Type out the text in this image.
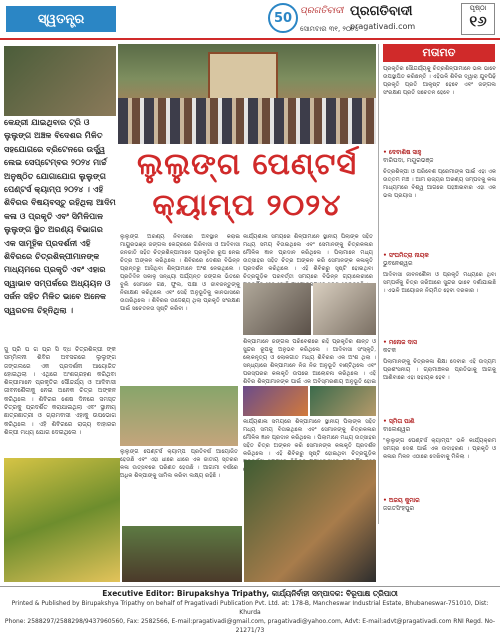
ସ୍ୱତନ୍ତ୍ର	50 ପ୍ରଗତିବାଦୀ ପ୍ରଗତିବାଦୀ
pragativadi.com
ସୋମବାର ୩୧, ୨୦୨୪
ପୃଷ୍ଠା
୧୬
କେନ୍ଦ୍ରୀ ଯାଇଥିବାର ଟ୍ରି ଓ ଲୁଲୁଙ୍ଗ ଅଞ୍ଚଳ ବିଦେଶର ମିଳିତ ସହଯୋଗରେ ବ୍ରିଟେନରେ ଉର୍ଦ୍ଧ୍ୱ ଲେଇ ସେପ୍ଟେମ୍ବର ୨୦୨୪ ମାର୍ଚ୍ଚ ଅନୁଷ୍ଠିତ ଯୋଗାଯୋଗ ଲୁଲୁଙ୍ଗ ପେଣ୍ଟର୍ସ କ୍ୟାମ୍ପ ୨୦୨୪ । ଏହି ଶିବିରର ବିଷୟବସ୍ତୁ ରହିଥିଲା ଆଦିମ କଳା ଓ ପ୍ରକୃତି ଏବଂ ସିମିଳିପାଳ ଲୁଲୁଙ୍ଗ ସ୍ଥିତ ଅରଣ୍ୟ ବିଭାଗର ଏକ ସାମୂହିକ ପ୍ରଦର୍ଶନୀ ଏହି ଶିବିରରେ ଚିତ୍ରଶିଳ୍ପୀମାନଙ୍କ ମାଧ୍ୟମରେ ପ୍ରକୃତି ଏବଂ ଏହାର ସ୍ୱାଭାବ ସମ୍ପର୍କରେ ଅଧ୍ୟୟନ ଓ ସର୍ଜନ ସହିତ ମିଳିତ ଭାବେ ଅନେକ ସ୍ୱରଚନା ଚିହ୍ନିଥିଲା ।
ସୁ ପ୍ରି ପ ଗ ପ୍ର ସି ଦ୍ଧ ଚିତ୍ରଶିଳ୍ପୀ ଙ୍କ ସମ୍ମିଳନୀ ଶିବିର ଅବସରରେ ଲୁଲୁଙ୍ଗ ଜଙ୍ଗଲରେ ଏକ ପ୍ରଦର୍ଶନୀ ଆୟୋଜିତ ହୋଇଥିଲା । ଏଥିରେ ଅଂଶଗ୍ରହଣ କରିଥିବା ଶିଳ୍ପୀମାନେ ପ୍ରକୃତିର ସୌନ୍ଦର୍ଯ୍ୟ ଓ ଆଦିବାସୀ ଜୀବନଶୈଳୀକୁ ନେଇ ଅନେକ ଚିତ୍ର ଅଙ୍କନ କରିଥିଲେ । ଶିବିରର ଶେଷ ଦିନରେ ସମସ୍ତ ଚିତ୍ରକୁ ପ୍ରଦର୍ଶିତ କରାଯାଇଥିଲା ଏବଂ ସ୍ଥାନୀୟ ଛାତ୍ରଛାତ୍ରୀ ଓ ଗ୍ରାମବାସୀ ଏହାକୁ ଉପଭୋଗ କରିଥିଲେ । ଏହି ଶିବିରରେ ରାଜ୍ୟ ବାହାରର ଶିଳ୍ପୀ ମଧ୍ୟ ଯୋଗ ଦେଇଥିଲେ ।
ଲୁଲୁଙ୍ଗ ପେଣ୍ଟର୍ସ
କ୍ୟାମ୍ପ ୨୦୨୪
ଲୁଲୁଙ୍ଗ ଅରଣ୍ୟ ନିବାସରେ ଅବସ୍ଥାନ କରାଇ ମାୟୁରଭଞ୍ଜ ଜଙ୍ଗଲ କେନ୍ଦ୍ରରେ ଗିରିବାସୀ ଓ ଆଦିବାସୀ ଜନଜାତି ସହିତ ଚିତ୍ରଶିଳ୍ପୀମାନେ ପ୍ରକୃତିର ରୂପ ନେଇ ଚିତ୍ର ଅଙ୍କନ କରିଥିଲେ । ଶିବିରରେ ଦେଶର ବିଭିନ୍ନ ପ୍ରାନ୍ତରୁ ଆସିଥିବା ଶିଳ୍ପୀମାନେ ଅଂଶ ନେଇଥିଲେ । ପ୍ରତିଦିନ ସକାଳୁ ସନ୍ଧ୍ୟା ପର୍ଯ୍ୟନ୍ତ ଜଙ୍ଗଲ ଭିତରେ ବୁଲି ସେମାନେ ଗଛ, ଫୁଲ, ପକ୍ଷୀ ଓ ଜୀବଜନ୍ତୁଙ୍କୁ ନିରୀକ୍ଷଣ କରିଥିଲେ ଏବଂ ସେହି ଅନୁଭୂତିକୁ କାନଭାସରେ ଉତାରିଥିଲେ । ଶିବିରର ଉଦ୍ଦେଶ୍ୟ ଥିଲା ପ୍ରକୃତି ସଂରକ୍ଷଣ ପାଇଁ ସଚେତନତା ସୃଷ୍ଟି କରିବା ।
କାର୍ଯ୍ୟଶାଳା ସମୟରେ ଶିଳ୍ପୀମାନେ ସ୍ଥାନୀୟ ପିଲାଙ୍କ ସହିତ ମଧ୍ୟ ସମୟ ବିତାଇଥିଲେ ଏବଂ ସେମାନଙ୍କୁ ଚିତ୍ରକଳାର ମୌଳିକ ଜ୍ଞାନ ପ୍ରଦାନ କରିଥିଲେ । ପିଲାମାନେ ମଧ୍ୟ ଉତ୍ସାହର ସହିତ ଚିତ୍ର ଅଙ୍କନ କରି ସେମାନଙ୍କ କଳାକୃତି ପ୍ରଦର୍ଶନ କରିଥିଲେ । ଏହି ଶିବିରରୁ ସୃଷ୍ଟି ହୋଇଥିବା ଚିତ୍ରଗୁଡ଼ିକ ପରବର୍ତ୍ତୀ ସମୟରେ ବିଭିନ୍ନ ଗ୍ୟାଲେରୀରେ
ଶିଳ୍ପୀମାନେ ଜଙ୍ଗଲ ପରିବେଶରେ ରହି ପ୍ରକୃତିର ଶାନ୍ତ ଓ ସୁନ୍ଦର ରୂପକୁ ଅନୁଭବ କରିଥିଲେ । ଆଦିବାସୀ ସଂସ୍କୃତି, ଲୋକନୃତ୍ୟ ଓ ଲୋକଗୀତ ମଧ୍ୟ ଶିବିରର ଏକ ଅଂଶ ଥିଲା । ସନ୍ଧ୍ୟାରେ ଶିଳ୍ପୀମାନେ ନିଜ ନିଜ ଅନୁଭୂତି ବାଣ୍ଟିଥିଲେ ଏବଂ ପରସ୍ପରର କଳାକୃତି ଉପରେ ଆଲୋଚନା କରିଥିଲେ । ଏହି ଶିବିର ଶିଳ୍ପୀମାନଙ୍କ ପାଇଁ ଏକ ଅବିସ୍ମରଣୀୟ ଅନୁଭୂତି ହୋଇ
ଲୁଲୁଙ୍ଗ ପେଣ୍ଟର୍ସ କ୍ୟାମ୍ପ ପ୍ରତିବର୍ଷ ଆୟୋଜିତ ହେଉଛି ଏବଂ ଏହା ଧୀରେ ଧୀରେ ଏକ ଜାତୀୟ ସ୍ତରର କଳା ଉତ୍ସବରେ ପରିଣତ ହେଉଛି । ଆଗାମୀ ବର୍ଷରେ ଅଧିକ ଶିଳ୍ପୀଙ୍କୁ ସାମିଲ କରିବା ଲକ୍ଷ୍ୟ ରହିଛି ।
କାର୍ଯ୍ୟଶାଳା ସମୟରେ ଶିଳ୍ପୀମାନେ ସ୍ଥାନୀୟ ପିଲାଙ୍କ ସହିତ ମଧ୍ୟ ସମୟ ବିତାଇଥିଲେ ଏବଂ ସେମାନଙ୍କୁ ଚିତ୍ରକଳାର ମୌଳିକ ଜ୍ଞାନ ପ୍ରଦାନ କରିଥିଲେ । ପିଲାମାନେ ମଧ୍ୟ ଉତ୍ସାହର ସହିତ ଚିତ୍ର ଅଙ୍କନ କରି ସେମାନଙ୍କ କଳାକୃତି ପ୍ରଦର୍ଶନ କରିଥିଲେ । ଏହି ଶିବିରରୁ ସୃଷ୍ଟି ହୋଇଥିବା ଚିତ୍ରଗୁଡ଼ିକ
ମତାମତ
ପ୍ରକୃତିର ସୌନ୍ଦର୍ଯ୍ୟକୁ ଚିତ୍ରଶିଳ୍ପୀମାନେ ଭଲ ଭାବେ ଉପସ୍ଥାପିତ କରିଛନ୍ତି । ଏହିଭଳି ଶିବିର ଦ୍ୱାରା ଯୁବପିଢ଼ି ପ୍ରକୃତି ପ୍ରତି ଆକୃଷ୍ଟ ହେବେ ଏବଂ ଜଙ୍ଗଲ ସଂରକ୍ଷଣ ପ୍ରତି ସଚେତନ ହେବେ ।
• ଦେବାଶିଷ ସାହୁ
ବାରିପଦା, ମୟୂରଭଞ୍ଜ
ଚିତ୍ରଶିଳ୍ପୀ ଓ ପରିବେଶ ପ୍ରେମୀଙ୍କ ପାଇଁ ଏହା ଏକ ଉତ୍ତମ ମଞ୍ଚ । ଆମ ରାଜ୍ୟର ଅରଣ୍ୟ ସମ୍ପଦକୁ କଳା ମାଧ୍ୟମରେ ବିଶ୍ୱ ଆଗରେ ପହଞ୍ଚାଇବାର ଏହା ଏକ ଭଲ ପ୍ରୟାସ ।
• ସଂଘମିତ୍ରା ନାୟକ
ଭୁବନେଶ୍ୱର
ଆଦିବାସୀ ଜୀବନଶୈଳୀ ଓ ପ୍ରକୃତି ମଧ୍ୟରେ ଥିବା ସମ୍ପର୍କକୁ ଚିତ୍ର ଜରିଆରେ ସୁନ୍ଦର ଭାବେ ଦର୍ଶାଯାଇଛି । ଏଭଳି ଆୟୋଜନ ନିୟମିତ ହେବା ଦରକାର ।
• ମନୋଜ ଦାସ
କଟକ
ପିଲାମାନଙ୍କୁ ଚିତ୍ରକଳା ଶିକ୍ଷା ଦେବାର ଏହି ଉଦ୍ୟମ ପ୍ରଶଂସନୀୟ । ଗ୍ରାମାଞ୍ଚଳର ପ୍ରତିଭାକୁ ଆଗକୁ ଆଣିବାରେ ଏହା ସହାୟକ ହେବ ।
• ସ୍ମିତା ପାଣି
ବାଲେଶ୍ୱର
"ଲୁଲୁଙ୍ଗ ପେଣ୍ଟର୍ସ କ୍ୟାମ୍ପ" ଭଳି କାର୍ଯ୍ୟକ୍ରମ ସମଗ୍ର ଦେଶ ପାଇଁ ଏକ ଉଦାହରଣ । ପ୍ରକୃତି ଓ କଳାର ମିଳନ ଏଠାରେ ଦେଖିବାକୁ ମିଳିଲା ।
• ଅଜୟ କୁମାର
ଜଗତସିଂହପୁର
Executive Editor: Birupakshya Tripathy, କାର୍ଯ୍ୟନିର୍ବାହୀ ସମ୍ପାଦକ: ବିରୂପାକ୍ଷ ତ୍ରିପାଠୀ
Printed & Published by Birupakshya Tripathy on behalf of Pragativadi Publication Pvt. Ltd. at: 178-B, Mancheswar Industrial Estate, Bhubaneswar-751010, Dist: Khurda
Phone: 2588297/2588298/9437960560, Fax: 2582566, E-mail:pragativadi@gmail.com, pragativadi@yahoo.com, Advt: E-mail:advt@pragativadi.com RNI Regd. No-21271/73
